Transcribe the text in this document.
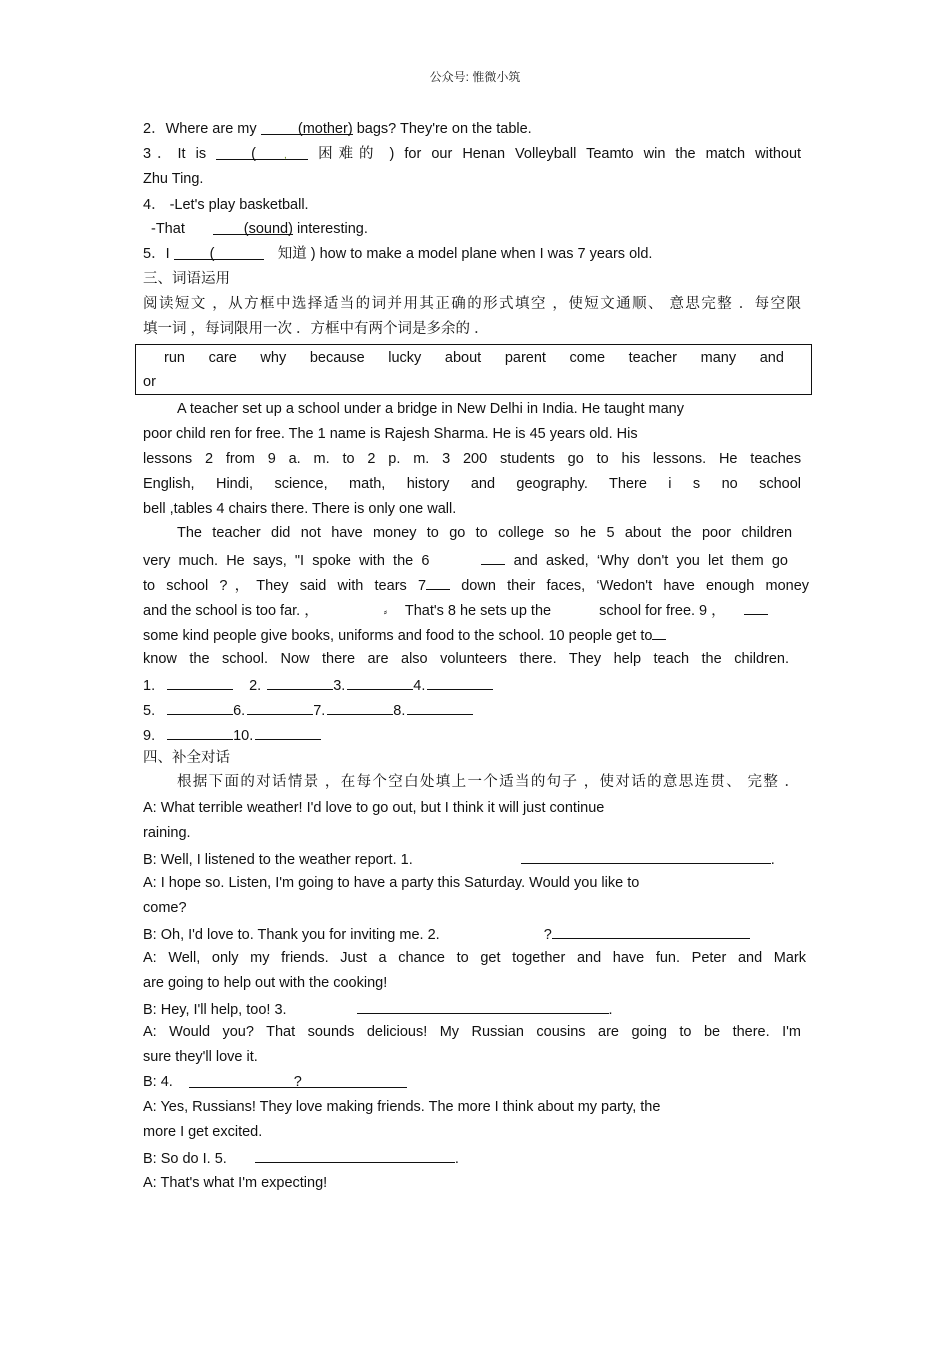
公众号: 惟微小筑
2．Where are my	(mother) bags? They're on the table.
3．It is	(	, 困难的 ) for our Henan Volleyball Teamto win the match without
Zhu Ting.
4． -Let's play basketball.
-That	(sound) interesting.
5．I	(	知道 ) how to make a model plane when I was 7 years old.
三、词语运用
阅读短文 ，从方框中选择适当的词并用其正确的形式填空 ，使短文通顺、 意思完整 ．每空限
填一词 ，每词限用一次 ．方框中有两个词是多余的 ．
run care why because lucky about parent come teacher many and
or
A teacher set up a school under a bridge in New Delhi in India. He taught many
poor child ren for free. The 1 name is Rajesh Sharma. He is 45 years old. His
lessons 2 from 9 a. m. to 2 p. m. 3 200 students go to his lessons. He teaches
English, Hindi, science, math, history and geography. There i s no school
bell ,tables 4 chairs there. There is only one wall.
The teacher did not have money to go to college so he 5 about the poor children
very much. He says, "I spoke with the 6	and asked, ‘Why don't you let them go
to school ?，They said with tears 7 down their faces, ‘Wedon't have enough money
and the school is too far. ，	⸗ That's 8 he sets up the	school for free. 9 ，
some kind people give books, uniforms and food to the school. 10 people get to
know the school. Now there are also volunteers there. They help teach the children.
1.	2.	3.	4.
5.	6.	7.	8.
9.	10.
四、补全对话
根据下面的对话情景 ，在每个空白处填上一个适当的句子 ，使对话的意思连贯、 完整 ．
A: What terrible weather! I'd love to go out, but I think it will just continue
raining.
B: Well, I listened to the weather report. 1.	.
A: I hope so. Listen, I'm going to have a party this Saturday. Would you like to
come?
B: Oh, I'd love to. Thank you for inviting me. 2.	?
A: Well, only my friends. Just a chance to get together and have fun. Peter and Mark
are going to help out with the cooking!
B: Hey, I'll help, too! 3.	.
A: Would you? That sounds delicious! My Russian cousins are going to be there. I'm
sure they'll love it.
B: 4.	?
A: Yes, Russians! They love making friends. The more I think about my party, the
more I get excited.
B: So do I. 5.	.
A: That's what I'm expecting!
